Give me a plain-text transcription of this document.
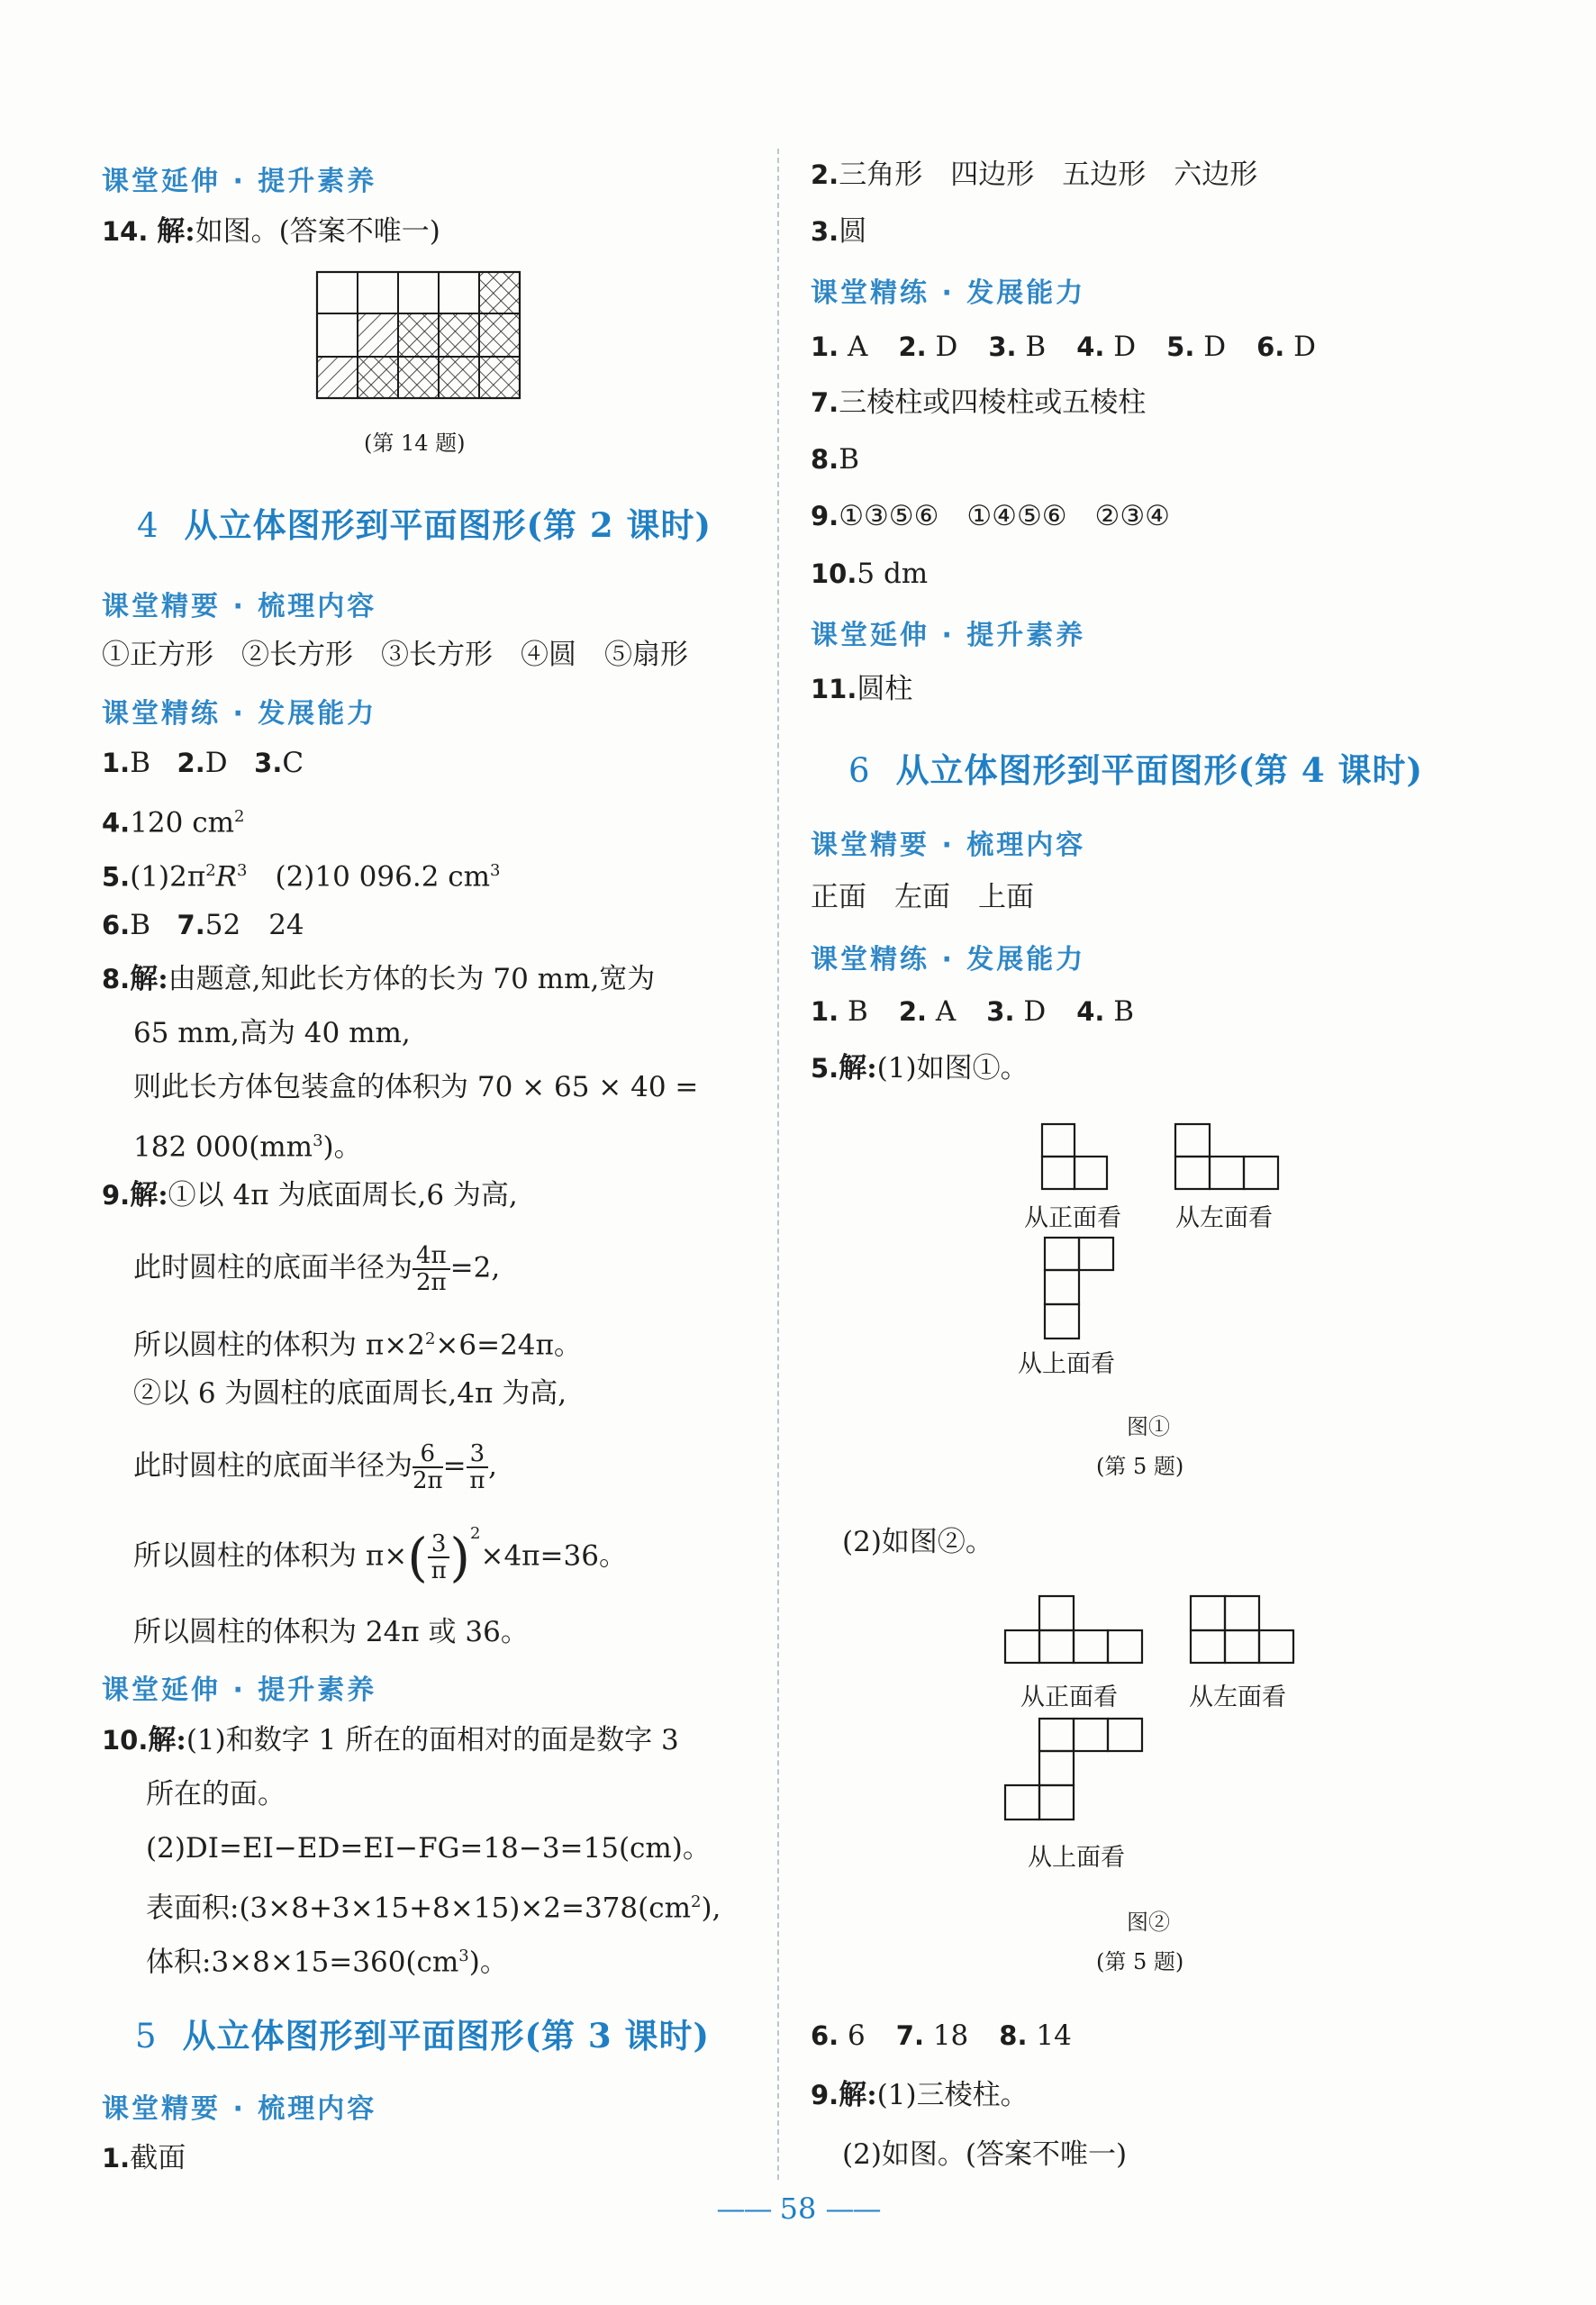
课堂延伸 · 提升素养
14. 解:如图。(答案不唯一)
(第 14 题)
4 从立体图形到平面图形(第 2 课时)
课堂精要 · 梳理内容
①正方形　②长方形　③长方形　④圆　⑤扇形
课堂精练 · 发展能力
1.B 2.D 3.C
4.120 $cm^2$
$5.(1)2\pi^2R^3$　(2)10 096.2 $cm^3$
6.B 7.52　24
8.解:由题意,知此长方体的长为 70 mm,宽为
65 mm,高为 40 mm,
则此长方体包装盒的体积为 70 × 65 × 40 =
182 $000(mm^3)$。
9.解:①以 4π 为底面周长,6 为高,
此时圆柱的底面半径为 $\frac{4\pi}{2\pi} =2$,
所以圆柱的体积为 $\pi\times 2^2\times 6=24\pi$。
②以 6 为圆柱的底面周长,4π 为高,
此时圆柱的底面半径为 $\frac{6}{2\pi} = \frac{3}{\pi}$ ,
所以圆柱的体积为 $\pi\times( \frac{3}{\pi} )^2\times 4\pi=36$。
所以圆柱的体积为 24π 或 36。
课堂延伸 · 提升素养
10.解:(1)和数字 1 所在的面相对的面是数字 3
所在的面。
(2)DI=EI−ED=EI−FG=18−3=15(cm)。
表面积$:(3\times 8+3\times 15+8\times 15)\times 2=378(cm^2)$,
体积$:3\times 8\times 15=360(cm^3)$。
5 从立体图形到平面图形(第 3 课时)
课堂精要 · 梳理内容
1.截面
2.三角形　四边形　五边形　六边形
3.圆
课堂精练 · 发展能力
1. A 2. D 3. B 4. D 5. D 6. D
7.三棱柱或四棱柱或五棱柱
8.B
9.①③⑤⑥　①④⑤⑥　②③④
10.5 dm
课堂延伸 · 提升素养
11.圆柱
6 从立体图形到平面图形(第 4 课时)
课堂精要 · 梳理内容
正面　左面　上面
课堂精练 · 发展能力
1. B 2. A 3. D 4. B
5.解:(1)如图①。
从正面看 从左面看
从上面看
图①
(第 5 题)
(2)如图②。
从正面看	从左面看
从上面看
图②
(第 5 题)
6. 6 7. 18 8. 14
9.解:(1)三棱柱。
(2)如图。(答案不唯一)
—— 58 ——
